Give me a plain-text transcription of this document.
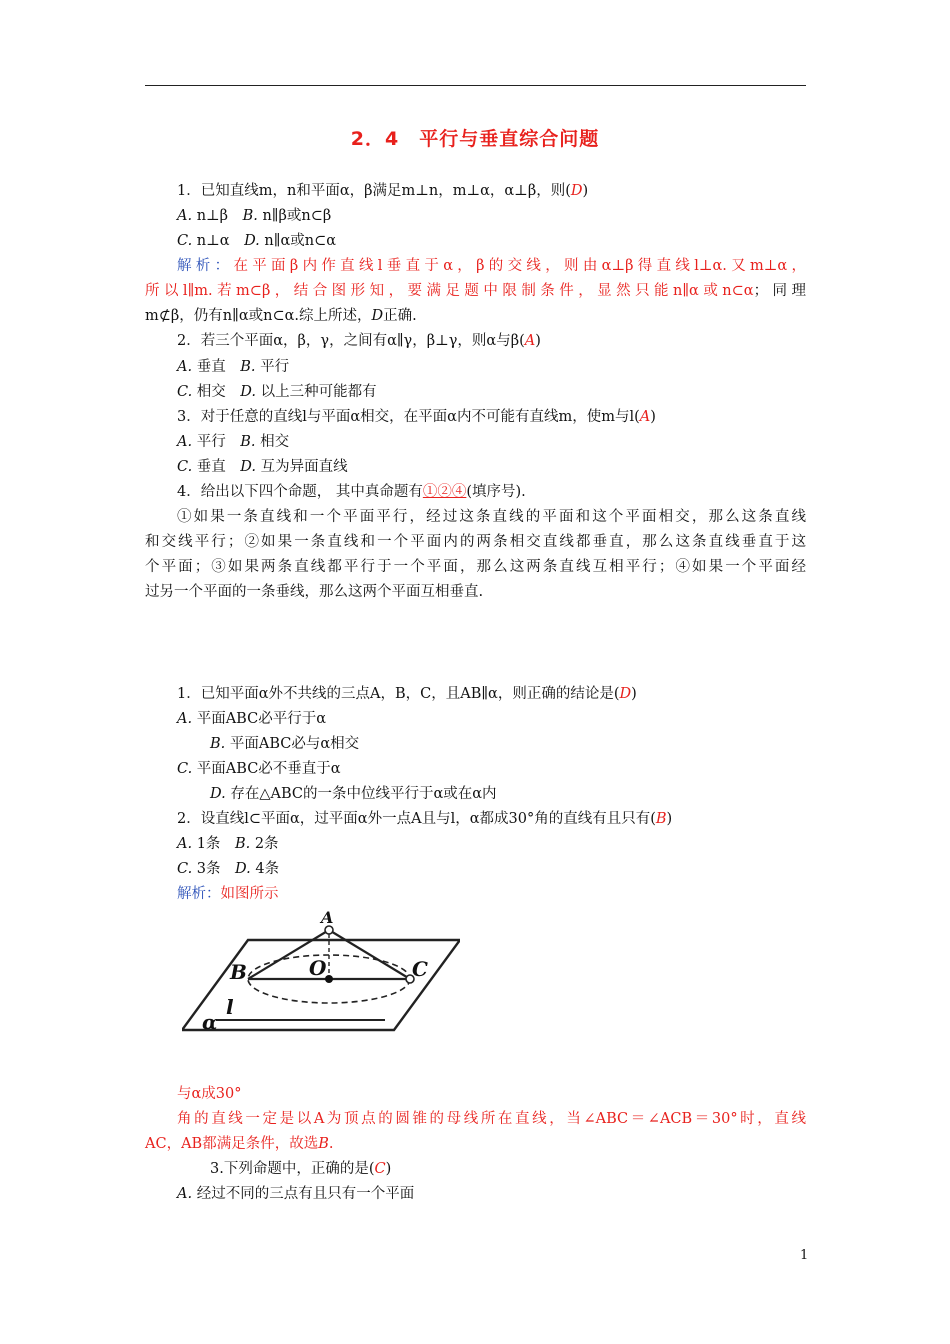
2．4　平行与垂直综合问题
1．已知直线m，n和平面α，β满足m⊥n，m⊥α，α⊥β，则(D)
A. n⊥β　 B. n∥β或n⊂β
C. n⊥α　 D. n∥α或n⊂α
解析：在平面β内作直线l垂直于α，β的交线，则由α⊥β得直线l⊥α.又m⊥α，
所以l∥m.若m⊂β，结合图形知，要满足题中限制条件，显然只能n∥α或n⊂α；同理
m⊄β，仍有n∥α或n⊂α.综上所述，D正确.
2．若三个平面α，β，γ，之间有α∥γ，β⊥γ，则α与β(A)
A. 垂直　 B. 平行
C. 相交　 D. 以上三种可能都有
3．对于任意的直线l与平面α相交，在平面α内不可能有直线m，使m与l(A)
A. 平行　 B. 相交
C. 垂直　 D. 互为异面直线
4．给出以下四个命题， 其中真命题有①②④(填序号).
①如果一条直线和一个平面平行，经过这条直线的平面和这个平面相交，那么这条直线
和交线平行；②如果一条直线和一个平面内的两条相交直线都垂直，那么这条直线垂直于这
个平面；③如果两条直线都平行于一个平面，那么这两条直线互相平行；④如果一个平面经
过另一个平面的一条垂线，那么这两个平面互相垂直.
1．已知平面α外不共线的三点A，B，C，且AB∥α，则正确的结论是(D)
A. 平面ABC必平行于α
B. 平面ABC必与α相交
C. 平面ABC必不垂直于α
D. 存在△ABC的一条中位线平行于α或在α内
2．设直线l⊂平面α，过平面α外一点A且与l，α都成30°角的直线有且只有(B)
A. 1条　 B. 2条
C. 3条　 D. 4条
解析：如图所示
A
B	O	C
l
α
与α成30°
角的直线一定是以A为顶点的圆锥的母线所在直线，当∠ABC＝∠ACB＝30°时，直线
AC，AB都满足条件，故选B.
3.下列命题中，正确的是(C)
A. 经过不同的三点有且只有一个平面
1
